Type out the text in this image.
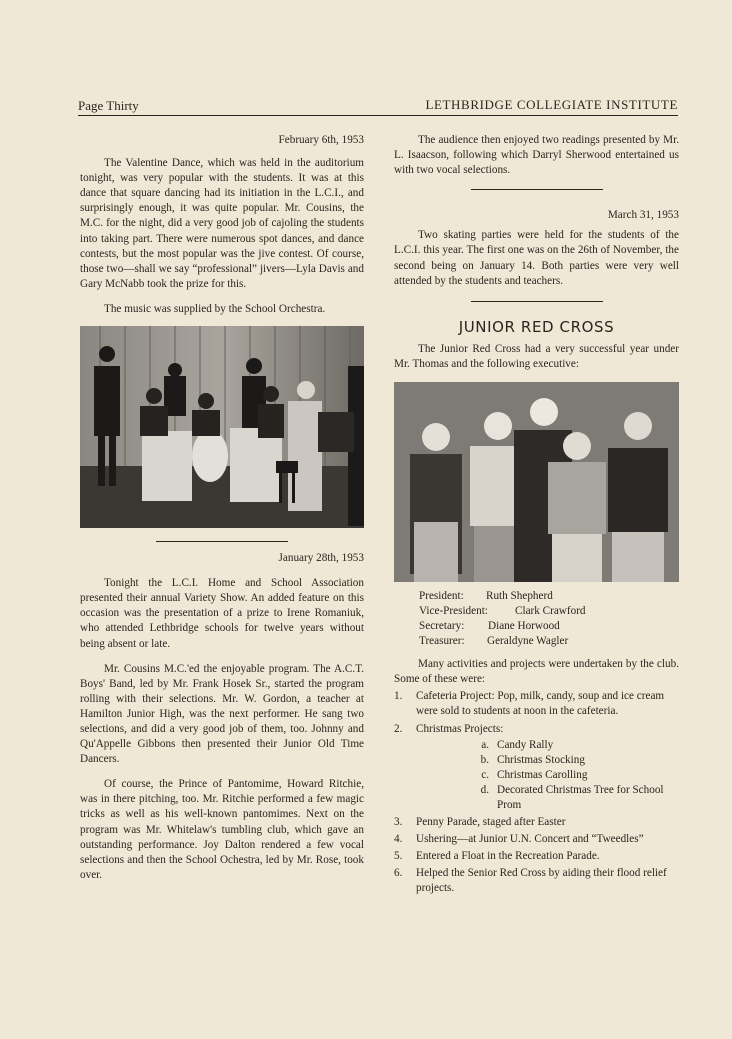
Page Thirty	LETHBRIDGE COLLEGIATE INSTITUTE

February 6th, 1953

The Valentine Dance, which was held in the auditorium tonight, was very popular with the students. It was at this dance that square dancing had its initiation in the L.C.I., and surprisingly enough, it was quite popular. Mr. Cousins, the M.C. for the night, did a very good job of cajoling the students into taking part. There were numerous spot dances, and dance contests, but the most popular was the jive contest. Of course, those two—shall we say “professional” jivers—Lyla Davis and Gary McNabb took the prize for this.

The music was supplied by the School Orchestra.

January 28th, 1953

Tonight the L.C.I. Home and School Association presented their annual Variety Show. An added feature on this occasion was the presentation of a prize to Irene Romaniuk, who attended Lethbridge schools for twelve years without being absent or late.

Mr. Cousins M.C.'ed the enjoyable program. The A.C.T. Boys' Band, led by Mr. Frank Hosek Sr., started the program rolling with their selections. Mr. W. Gordon, a teacher at Hamilton Junior High, was the next performer. He sang two selections, and did a very good job of them, too. Johnny and Qu'Appelle Gibbons then presented their Junior Old Time Dancers.

Of course, the Prince of Pantomime, Howard Ritchie, was in there pitching, too. Mr. Ritchie performed a few magic tricks as well as his well-known pantomimes. Next on the program was Mr. Whitelaw's tumbling club, which gave an outstanding performance. Joy Dalton rendered a few vocal selections and then the School Ochestra, led by Mr. Rose, took over.

The audience then enjoyed two readings presented by Mr. L. Isaacson, following which Darryl Sherwood entertained us with two vocal selections.

March 31, 1953

Two skating parties were held for the students of the L.C.I. this year. The first one was on the 26th of November, the second being on January 14. Both parties were very well attended by the students and teachers.

JUNIOR RED CROSS

The Junior Red Cross had a very successful year under Mr. Thomas and the following executive:

President: Ruth Shepherd
Vice-President: Clark Crawford
Secretary: Diane Horwood
Treasurer: Geraldyne Wagler

Many activities and projects were undertaken by the club. Some of these were:

1. Cafeteria Project: Pop, milk, candy, soup and ice cream were sold to students at noon in the cafeteria.
2. Christmas Projects:
a. Candy Rally
b. Christmas Stocking
c. Christmas Carolling
d. Decorated Christmas Tree for School Prom
3. Penny Parade, staged after Easter
4. Ushering—at Junior U.N. Concert and “Tweedles”
5. Entered a Float in the Recreation Parade.
6. Helped the Senior Red Cross by aiding their flood relief projects.
